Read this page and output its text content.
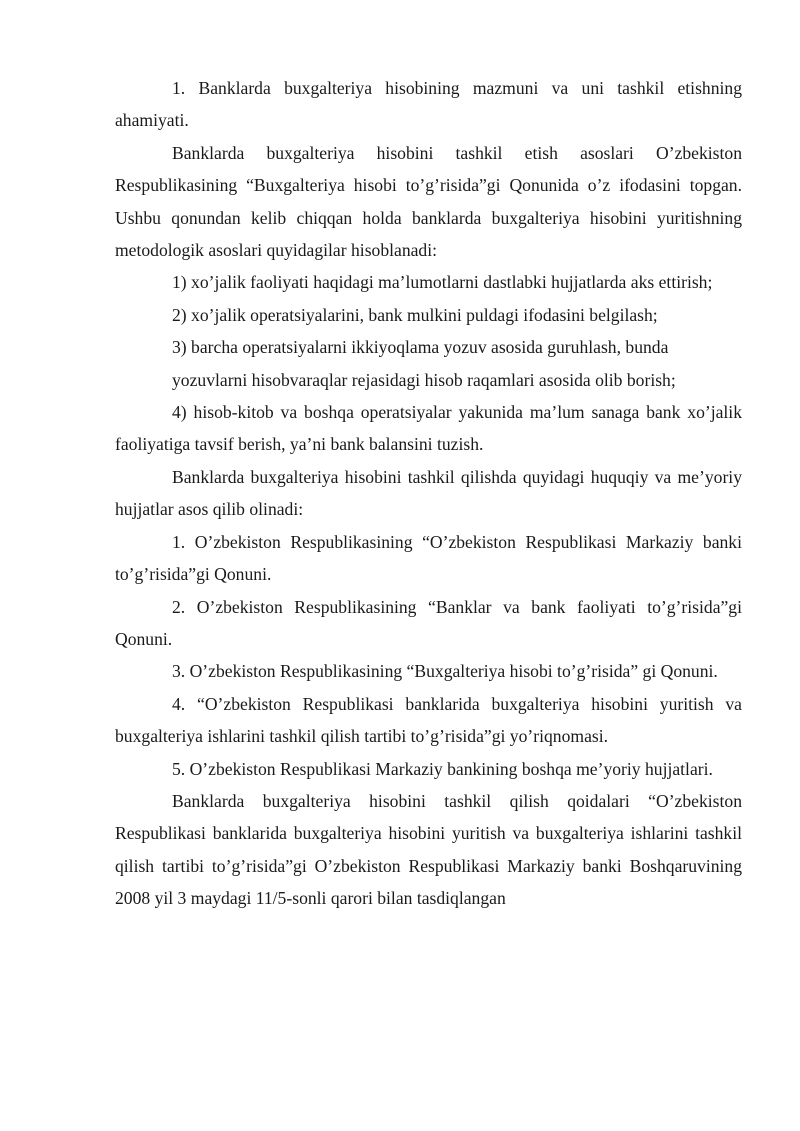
1. Banklarda buxgalteriya hisobining mazmuni va uni tashkil etishning ahamiyati.

Banklarda buxgalteriya hisobini tashkil etish asoslari O’zbekiston Respublikasining “Buxgalteriya hisobi to’g’risida”gi Qonunida o’z ifodasini topgan. Ushbu qonundan kelib chiqqan holda banklarda buxgalteriya hisobini yuritishning metodologik asoslari quyidagilar hisoblanadi:

1) xo’jalik faoliyati haqidagi ma’lumotlarni dastlabki hujjatlarda aks ettirish;

2) xo’jalik operatsiyalarini, bank mulkini puldagi ifodasini belgilash;

3) barcha operatsiyalarni ikkiyoqlama yozuv asosida guruhlash, bunda

yozuvlarni hisobvaraqlar rejasidagi hisob raqamlari asosida olib borish;

4) hisob-kitob va boshqa operatsiyalar yakunida ma’lum sanaga bank xo’jalik faoliyatiga tavsif berish, ya’ni bank balansini tuzish.

Banklarda buxgalteriya hisobini tashkil qilishda quyidagi huquqiy va me’yoriy hujjatlar asos qilib olinadi:

1. O’zbekiston Respublikasining “O’zbekiston Respublikasi Markaziy banki to’g’risida”gi Qonuni.

2. O’zbekiston Respublikasining “Banklar va bank faoliyati to’g’risida”gi Qonuni.

3. O’zbekiston Respublikasining “Buxgalteriya hisobi to’g’risida” gi Qonuni.

4. “O’zbekiston Respublikasi banklarida buxgalteriya hisobini yuritish va buxgalteriya ishlarini tashkil qilish tartibi to’g’risida”gi yo’riqnomasi.

5. O’zbekiston Respublikasi Markaziy bankining boshqa me’yoriy hujjatlari.

Banklarda buxgalteriya hisobini tashkil qilish qoidalari “O’zbekiston Respublikasi banklarida buxgalteriya hisobini yuritish va buxgalteriya ishlarini tashkil qilish tartibi to’g’risida”gi O’zbekiston Respublikasi Markaziy banki Boshqaruvining 2008 yil 3 maydagi 11/5-sonli qarori bilan tasdiqlangan
